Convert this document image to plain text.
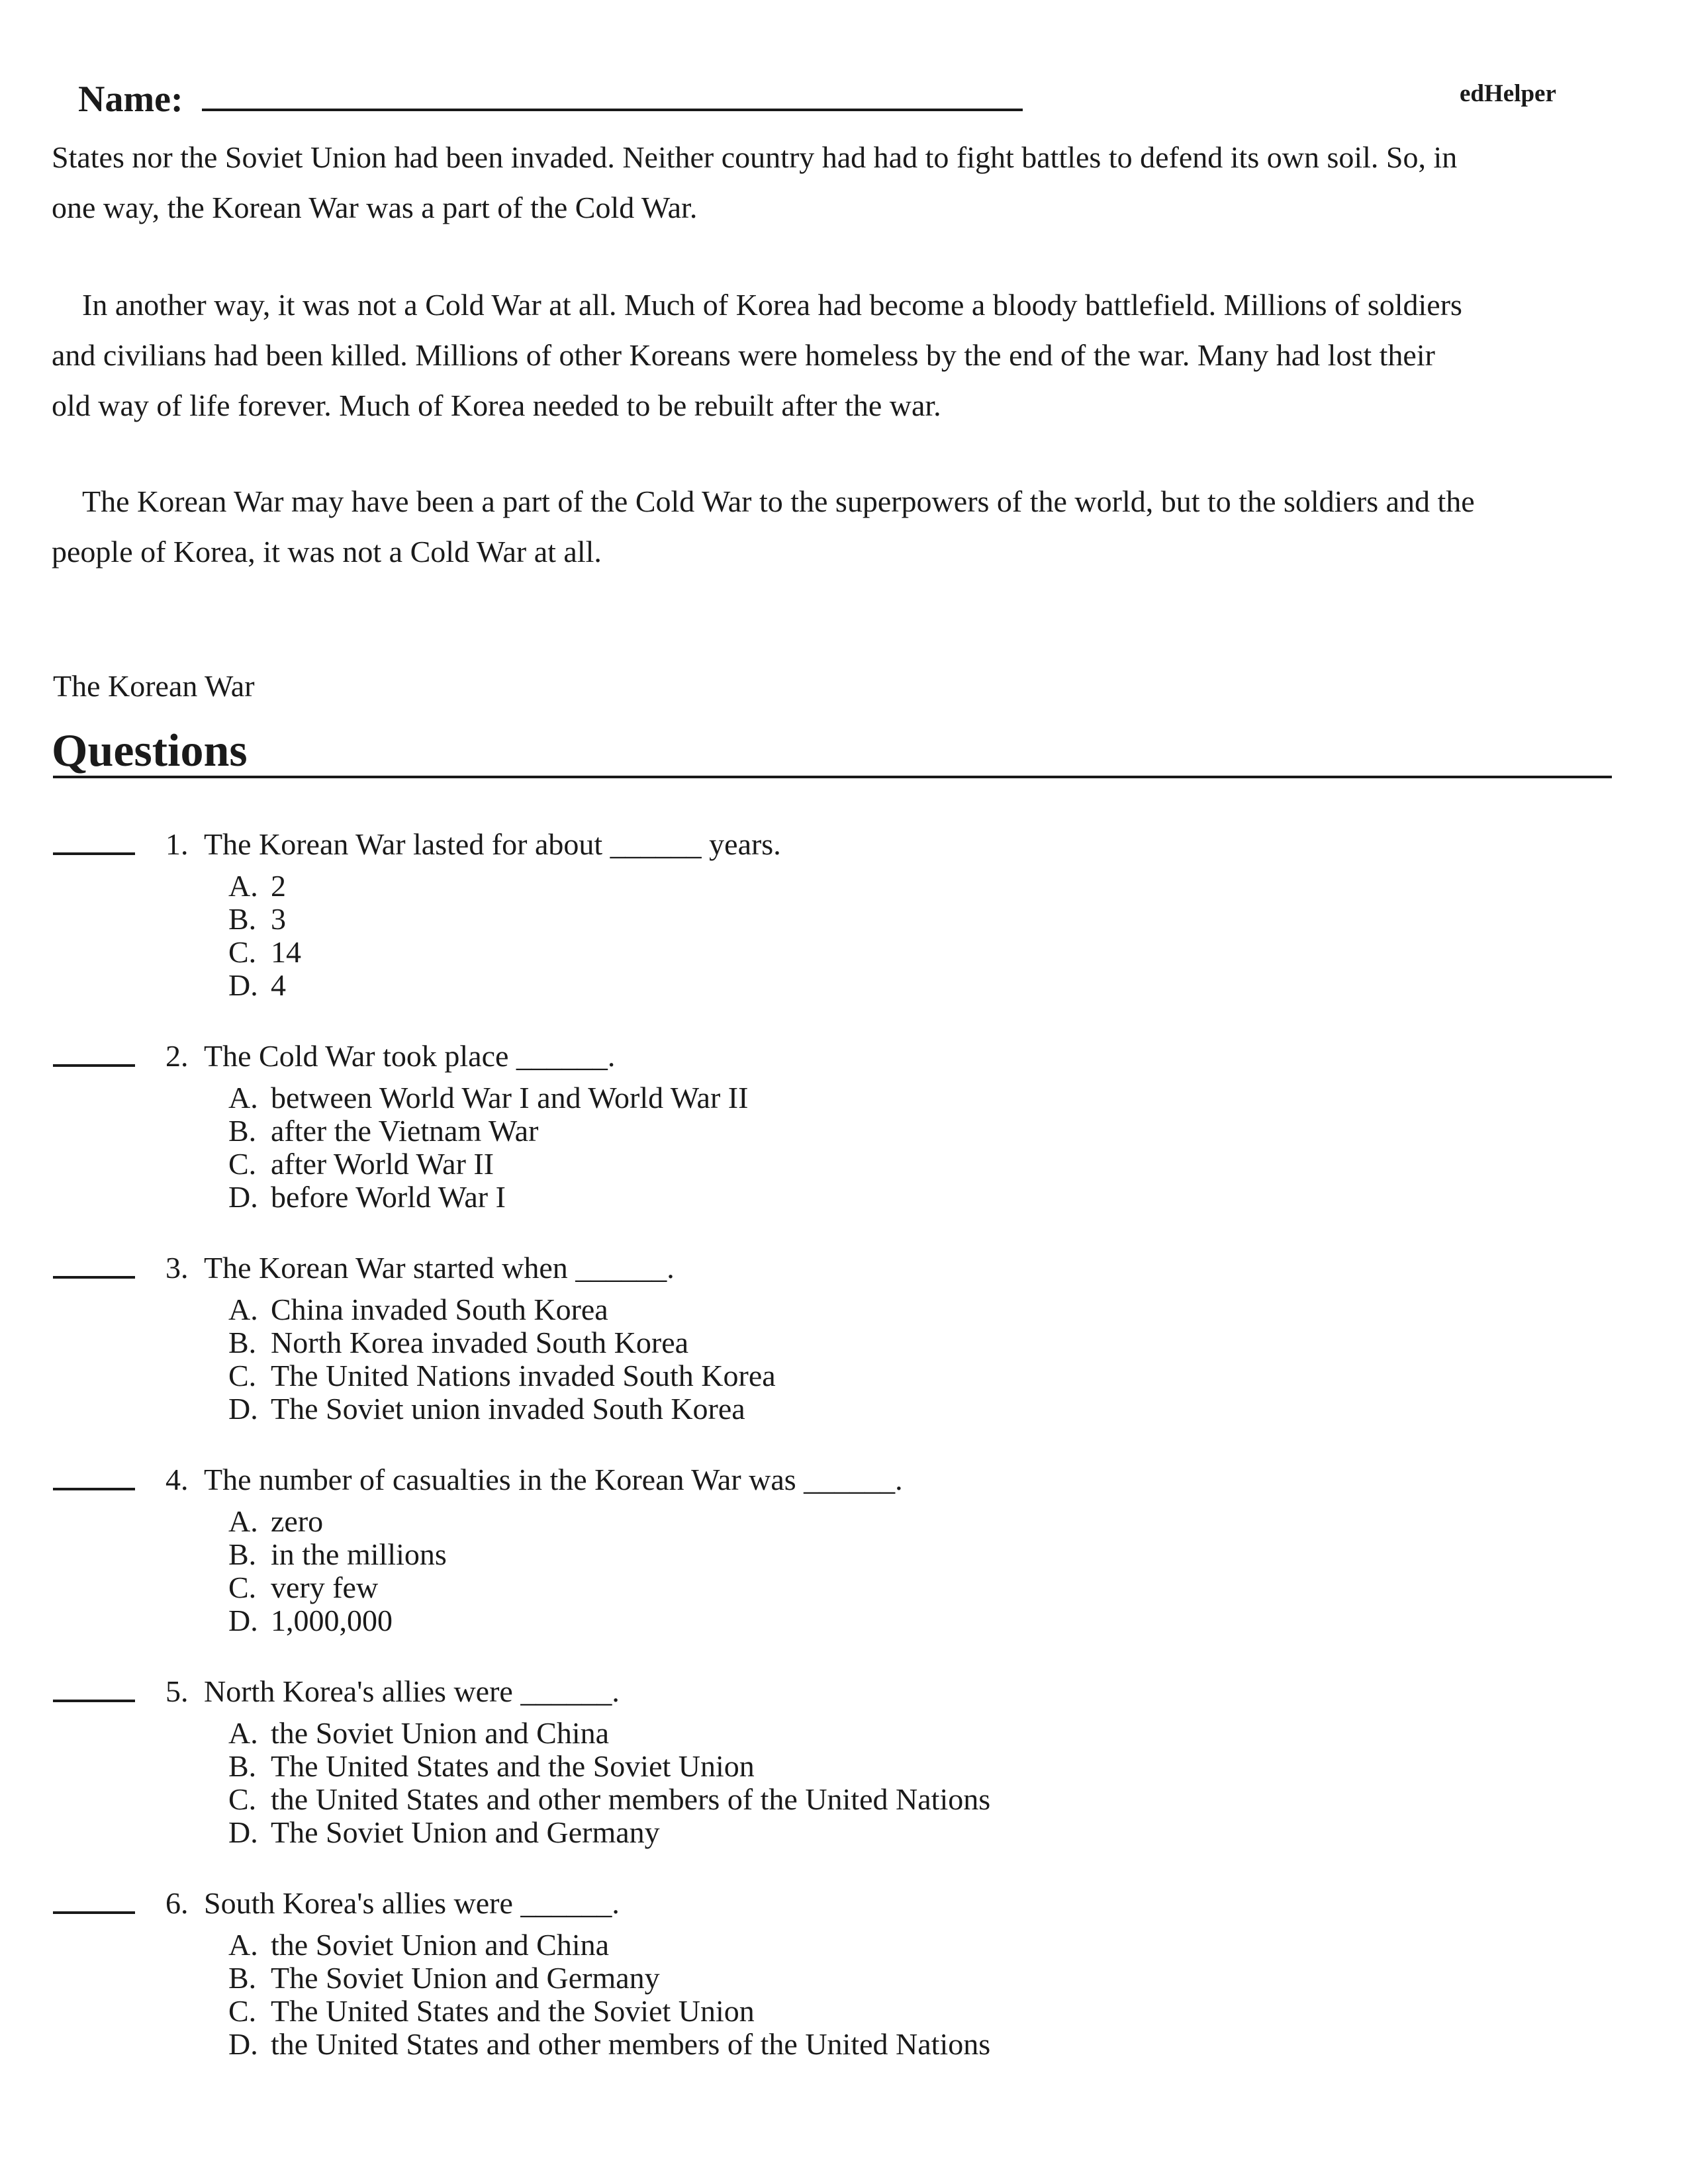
Name:	edHelper
States nor the Soviet Union had been invaded. Neither country had had to fight battles to defend its own soil. So, in
one way, the Korean War was a part of the Cold War.
In another way, it was not a Cold War at all. Much of Korea had become a bloody battlefield. Millions of soldiers
and civilians had been killed. Millions of other Koreans were homeless by the end of the war. Many had lost their
old way of life forever. Much of Korea needed to be rebuilt after the war.
The Korean War may have been a part of the Cold War to the superpowers of the world, but to the soldiers and the
people of Korea, it was not a Cold War at all.
The Korean War
Questions
1. The Korean War lasted for about ______ years.
A. 2
B. 3
C. 14
D. 4
2. The Cold War took place ______.
A. between World War I and World War II
B. after the Vietnam War
C. after World War II
D. before World War I
3. The Korean War started when ______.
A. China invaded South Korea
B. North Korea invaded South Korea
C. The United Nations invaded South Korea
D. The Soviet union invaded South Korea
4. The number of casualties in the Korean War was ______.
A. zero
B. in the millions
C. very few
D. 1,000,000
5. North Korea's allies were ______.
A. the Soviet Union and China
B. The United States and the Soviet Union
C. the United States and other members of the United Nations
D. The Soviet Union and Germany
6. South Korea's allies were ______.
A. the Soviet Union and China
B. The Soviet Union and Germany
C. The United States and the Soviet Union
D. the United States and other members of the United Nations
